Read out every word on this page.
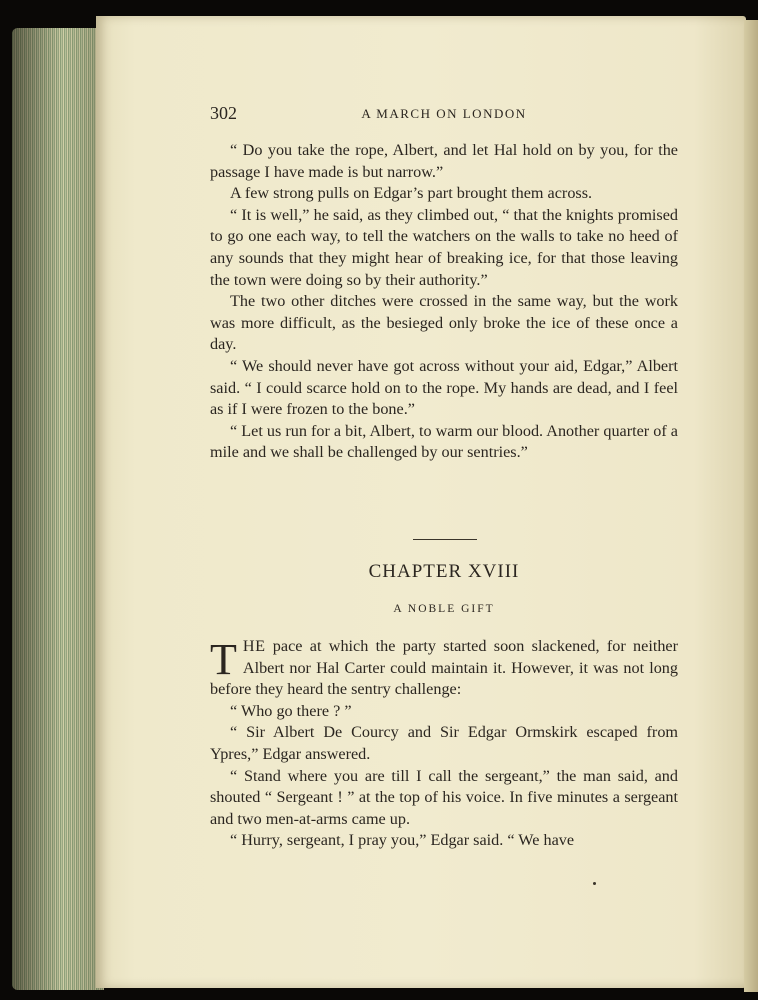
302	A MARCH ON LONDON

“ Do you take the rope, Albert, and let Hal hold on by you, for the passage I have made is but narrow.”

A few strong pulls on Edgar’s part brought them across.

“ It is well,” he said, as they climbed out, “ that the knights promised to go one each way, to tell the watchers on the walls to take no heed of any sounds that they might hear of breaking ice, for that those leaving the town were doing so by their authority.”

The two other ditches were crossed in the same way, but the work was more difficult, as the besieged only broke the ice of these once a day.

“ We should never have got across without your aid, Edgar,” Albert said. “ I could scarce hold on to the rope. My hands are dead, and I feel as if I were frozen to the bone.”

“ Let us run for a bit, Albert, to warm our blood. Another quarter of a mile and we shall be challenged by our sentries.”

CHAPTER XVIII
A NOBLE GIFT

THE pace at which the party started soon slackened, for neither Albert nor Hal Carter could maintain it. However, it was not long before they heard the sentry challenge:

“ Who go there ? ”

“ Sir Albert De Courcy and Sir Edgar Ormskirk escaped from Ypres,” Edgar answered.

“ Stand where you are till I call the sergeant,” the man said, and shouted “ Sergeant ! ” at the top of his voice. In five minutes a sergeant and two men-at-arms came up.

“ Hurry, sergeant, I pray you,” Edgar said. “ We have
